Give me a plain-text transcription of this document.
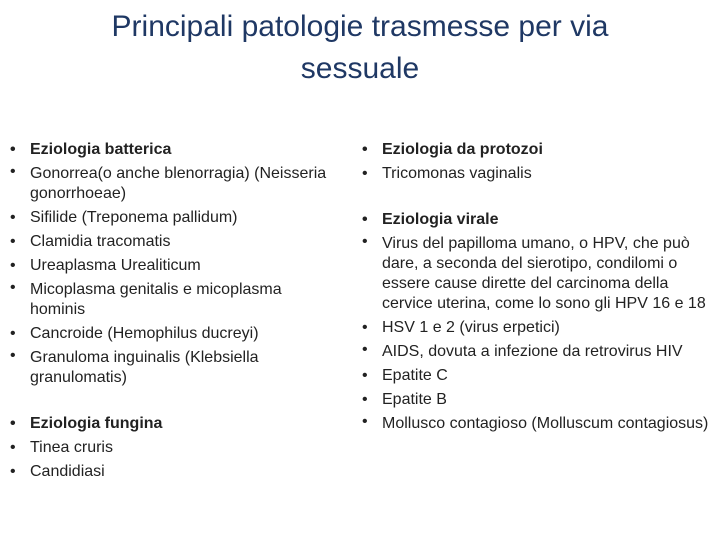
Principali patologie trasmesse per via sessuale
• Eziologia batterica
• Gonorrea(o anche blenorragia) (Neisseria gonorrhoeae)
• Sifilide (Treponema pallidum)
• Clamidia tracomatis
• Ureaplasma Urealiticum
• Micoplasma genitalis e micoplasma hominis
• Cancroide (Hemophilus ducreyi)
• Granuloma inguinalis (Klebsiella granulomatis)
• Eziologia fungina
• Tinea cruris
• Candidiasi
• Eziologia da protozoi
• Tricomonas vaginalis
• Eziologia virale
• Virus del papilloma umano, o HPV, che può dare, a seconda del sierotipo, condilomi o essere cause dirette del carcinoma della cervice uterina, come lo sono gli HPV 16 e 18
• HSV 1 e 2 (virus erpetici)
• AIDS, dovuta a infezione da retrovirus HIV
• Epatite C
• Epatite B
• Mollusco contagioso (Molluscum contagiosus)
